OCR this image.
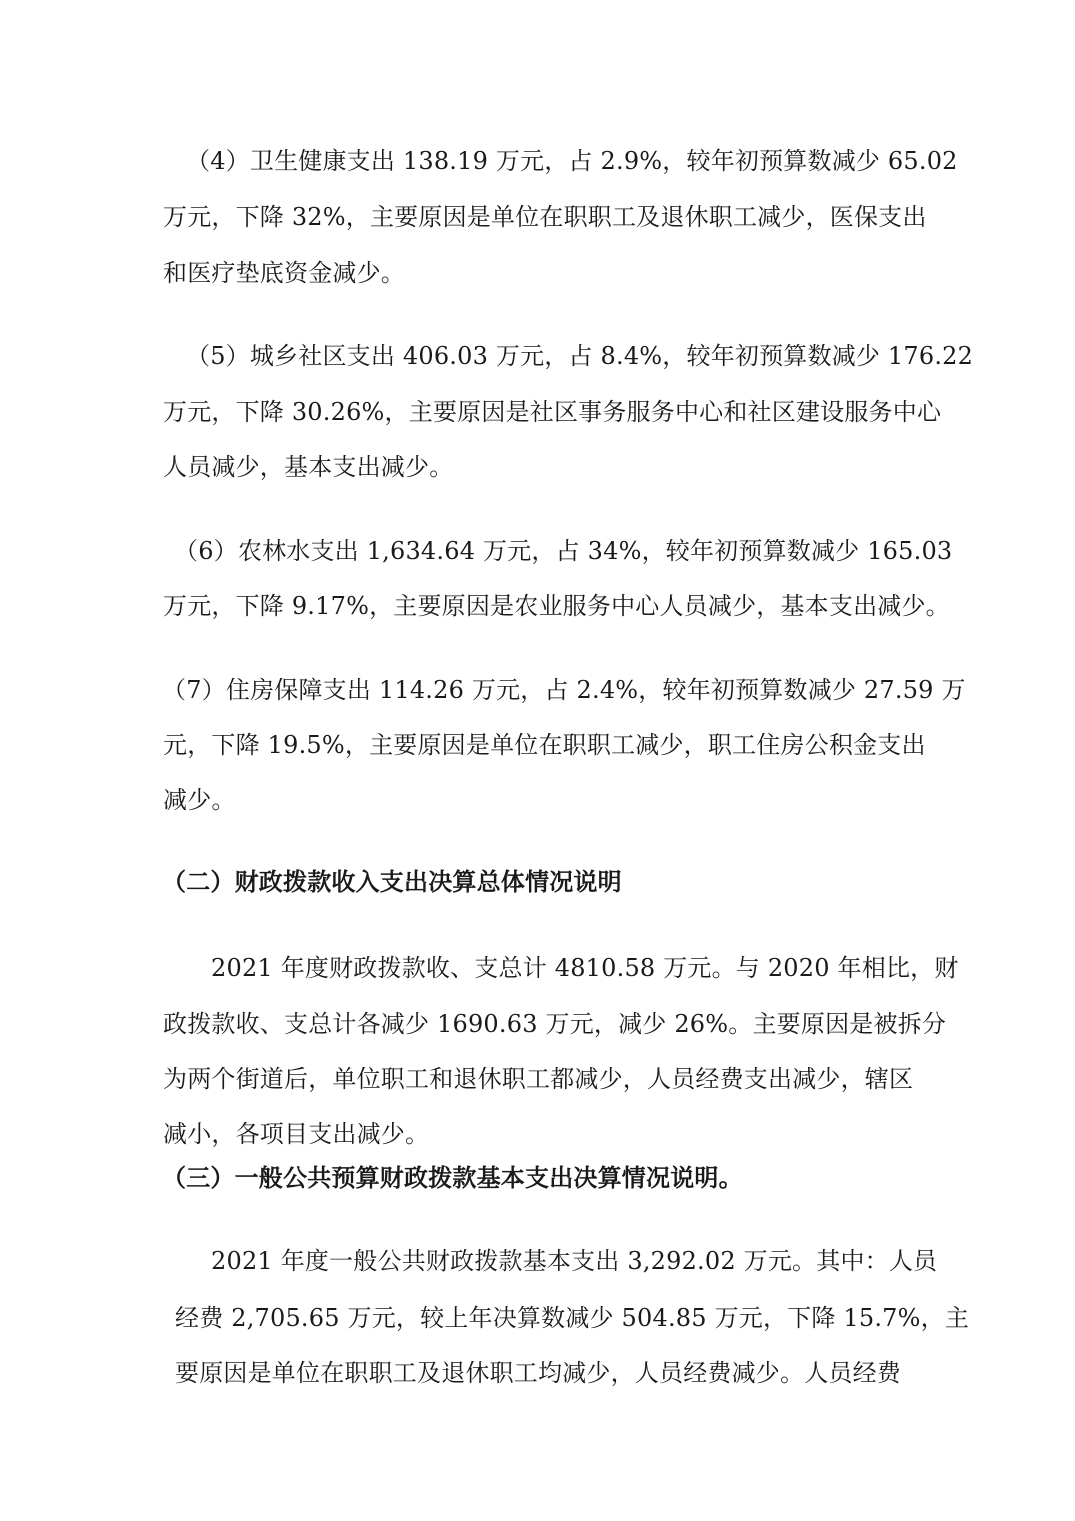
（4）卫生健康支出 138.19 万元，占 2.9%，较年初预算数减少 65.02
万元，下降 32%，主要原因是单位在职职工及退休职工减少，医保支出
和医疗垫底资金减少。
（5）城乡社区支出 406.03 万元，占 8.4%，较年初预算数减少 176.22
万元，下降 30.26%，主要原因是社区事务服务中心和社区建设服务中心
人员减少，基本支出减少。
（6）农林水支出 1,634.64 万元，占 34%，较年初预算数减少 165.03
万元，下降 9.17%，主要原因是农业服务中心人员减少，基本支出减少。
（7）住房保障支出 114.26 万元，占 2.4%，较年初预算数减少 27.59 万
元，下降 19.5%，主要原因是单位在职职工减少，职工住房公积金支出
减少。
（二）财政拨款收入支出决算总体情况说明
2021 年度财政拨款收、支总计 4810.58 万元。与 2020 年相比，财
政拨款收、支总计各减少 1690.63 万元，减少 26%。主要原因是被拆分
为两个街道后，单位职工和退休职工都减少，人员经费支出减少，辖区
减小，各项目支出减少。
（三）一般公共预算财政拨款基本支出决算情况说明。
2021 年度一般公共财政拨款基本支出 3,292.02 万元。其中：人员
经费 2,705.65 万元，较上年决算数减少 504.85 万元，下降 15.7%，主
要原因是单位在职职工及退休职工均减少，人员经费减少。人员经费
